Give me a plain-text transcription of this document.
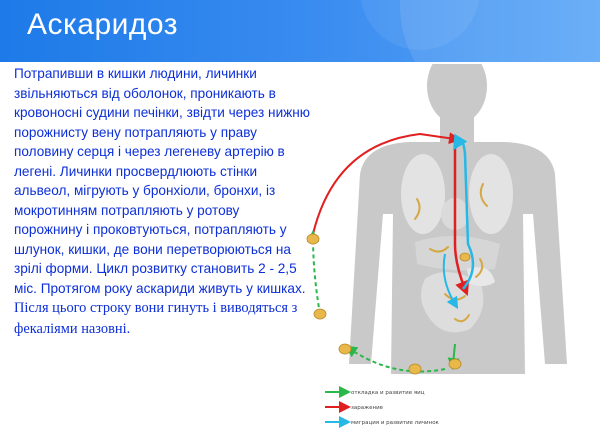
Аскаридоз
Потрапивши в кишки людини, личинки звільняються від оболонок, проникають в кровоносні судини печінки, звідти через нижню порожнисту вену потрапляють у праву половину серця і через легеневу артерію в легені. Личинки просвердлюють стінки альвеол, мігрують у бронхіоли, бронхи, із мокротинням потрапляють у ротову порожнину і проковтуються, потрапляють у шлунок, кишки, де вони перетворюються на зрілі форми. Цикл розвитку становить 2 - 2,5 міс. Протягом року аскариди живуть у кишках. Після цього строку вони гинуть і виводяться з фекаліями назовні.
откладка и развитие яиц
заражение
миграция и развитие личинок
